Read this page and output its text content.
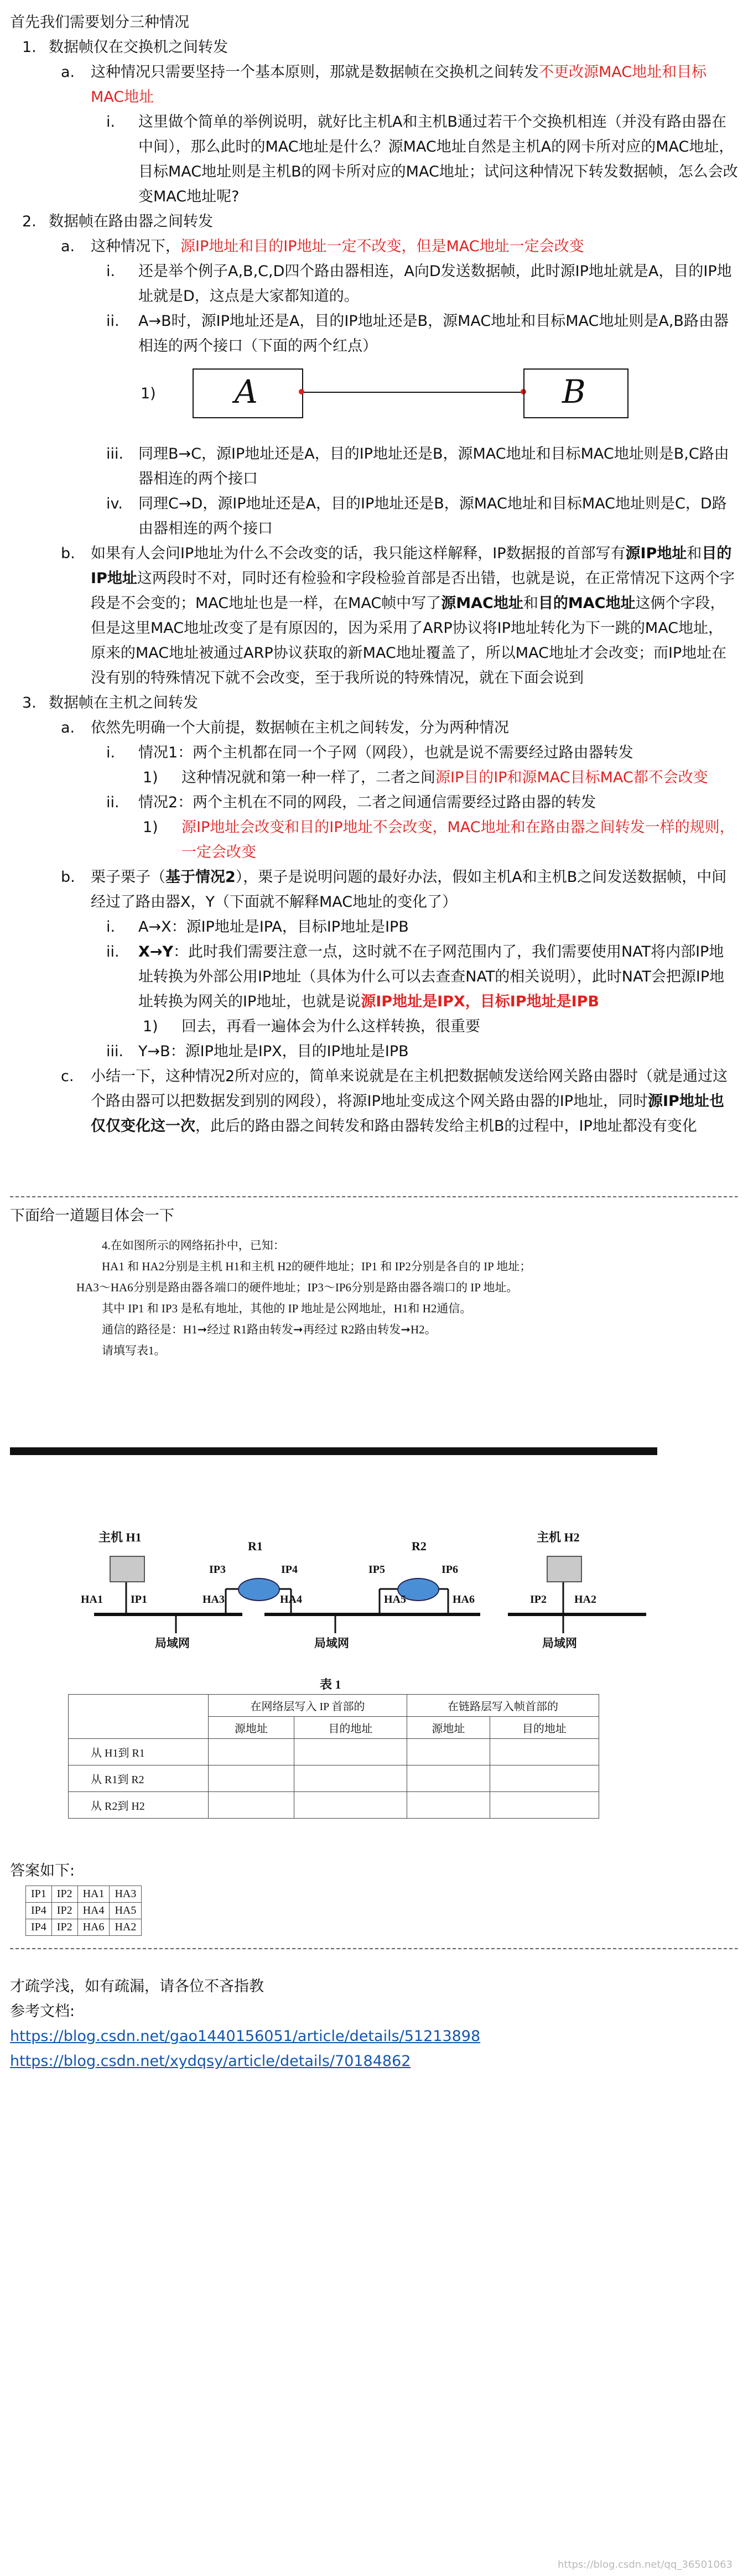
首先我们需要划分三种情况

1. 数据帧仅在交换机之间转发
a.	这种情况只需要坚持一个基本原则，那就是数据帧在交换机之间转发不更改源MAC地址和目标MAC地址
i.	这里做个简单的举例说明，就好比主机A和主机B通过若干个交换机相连（并没有路由器在中间），那么此时的MAC地址是什么？源MAC地址自然是主机A的网卡所对应的MAC地址，目标MAC地址则是主机B的网卡所对应的MAC地址；试问这种情况下转发数据帧，怎么会改变MAC地址呢?
2. 数据帧在路由器之间转发
a.	这种情况下，源IP地址和目的IP地址一定不改变，但是MAC地址一定会改变
i.	还是举个例子A,B,C,D四个路由器相连，A向D发送数据帧，此时源IP地址就是A，目的IP地址就是D，这点是大家都知道的。
ii.	A→B时，源IP地址还是A，目的IP地址还是B，源MAC地址和目标MAC地址则是A,B路由器相连的两个接口（下面的两个红点）
1) A	B
iii. 同理B→C，源IP地址还是A，目的IP地址还是B，源MAC地址和目标MAC地址则是B,C路由器相连的两个接口
iv.	同理C→D，源IP地址还是A，目的IP地址还是B，源MAC地址和目标MAC地址则是C，D路由器相连的两个接口
b.	如果有人会问IP地址为什么不会改变的话，我只能这样解释，IP数据报的首部写有源IP地址和目的IP地址这两段时不对，同时还有检验和字段检验首部是否出错，也就是说，在正常情况下这两个字段是不会变的；MAC地址也是一样，在MAC帧中写了源MAC地址和目的MAC地址这俩个字段，但是这里MAC地址改变了是有原因的，因为采用了ARP协议将IP地址转化为下一跳的MAC地址，原来的MAC地址被通过ARP协议获取的新MAC地址覆盖了，所以MAC地址才会改变；而IP地址在没有别的特殊情况下就不会改变，至于我所说的特殊情况，就在下面会说到
3. 数据帧在主机之间转发
a.	依然先明确一个大前提，数据帧在主机之间转发，分为两种情况
i.	情况1：两个主机都在同一个子网（网段），也就是说不需要经过路由器转发
1)	这种情况就和第一种一样了，二者之间源IP目的IP和源MAC目标MAC都不会改变
ii.	情况2：两个主机在不同的网段，二者之间通信需要经过路由器的转发
1)	源IP地址会改变和目的IP地址不会改变，MAC地址和在路由器之间转发一样的规则，一定会改变
b.	栗子栗子（基于情况2），栗子是说明问题的最好办法，假如主机A和主机B之间发送数据帧，中间经过了路由器X，Y（下面就不解释MAC地址的变化了）
i.	A→X：源IP地址是IPA，目标IP地址是IPB
ii.	X→Y：此时我们需要注意一点，这时就不在子网范围内了，我们需要使用NAT将内部IP地址转换为外部公用IP地址（具体为什么可以去查查NAT的相关说明），此时NAT会把源IP地址转换为网关的IP地址，也就是说源IP地址是IPX，目标IP地址是IPB
1)	回去，再看一遍体会为什么这样转换，很重要
iii. Y→B：源IP地址是IPX，目的IP地址是IPB
c.	小结一下，这种情况2所对应的，简单来说就是在主机把数据帧发送给网关路由器时（就是通过这个路由器可以把数据发到别的网段），将源IP地址变成这个网关路由器的IP地址，同时源IP地址也仅仅变化这一次，此后的路由器之间转发和路由器转发给主机B的过程中，IP地址都没有变化

下面给一道题目体会一下

4.在如图所示的网络拓扑中，已知：
HA1 和 HA2分别是主机 H1和主机 H2的硬件地址；IP1 和 IP2分别是各自的 IP 地址；
HA3～HA6分别是路由器各端口的硬件地址；IP3～IP6分别是路由器各端口的 IP 地址。
其中 IP1 和 IP3 是私有地址，其他的 IP 地址是公网地址，H1和 H2通信。
通信的路径是：H1➞经过 R1路由转发➞再经过 R2路由转发➞H2。
请填写表1。
主机 H1	主机 H2
R1	R2
IP3	IP4	IP5	IP6
HA1	IP1	HA3	HA4	HA5	HA6	IP2	HA2
局域网	局域网	局域网
表 1
	在网络层写入 IP 首部的		在链路层写入帧首部的	
	源地址	目的地址	源地址	目的地址
从 H1到 R1				
从 R1到 R2				
从 R2到 H2				

答案如下:

IP1	IP2	HA1	HA3
IP4	IP2	HA4	HA5
IP4	IP2	HA6	HA2

才疏学浅，如有疏漏，请各位不吝指教

参考文档:

https://blog.csdn.net/gao1440156051/article/details/51213898

https://blog.csdn.net/xydqsy/article/details/70184862

https://blog.csdn.net/qq_36501063
